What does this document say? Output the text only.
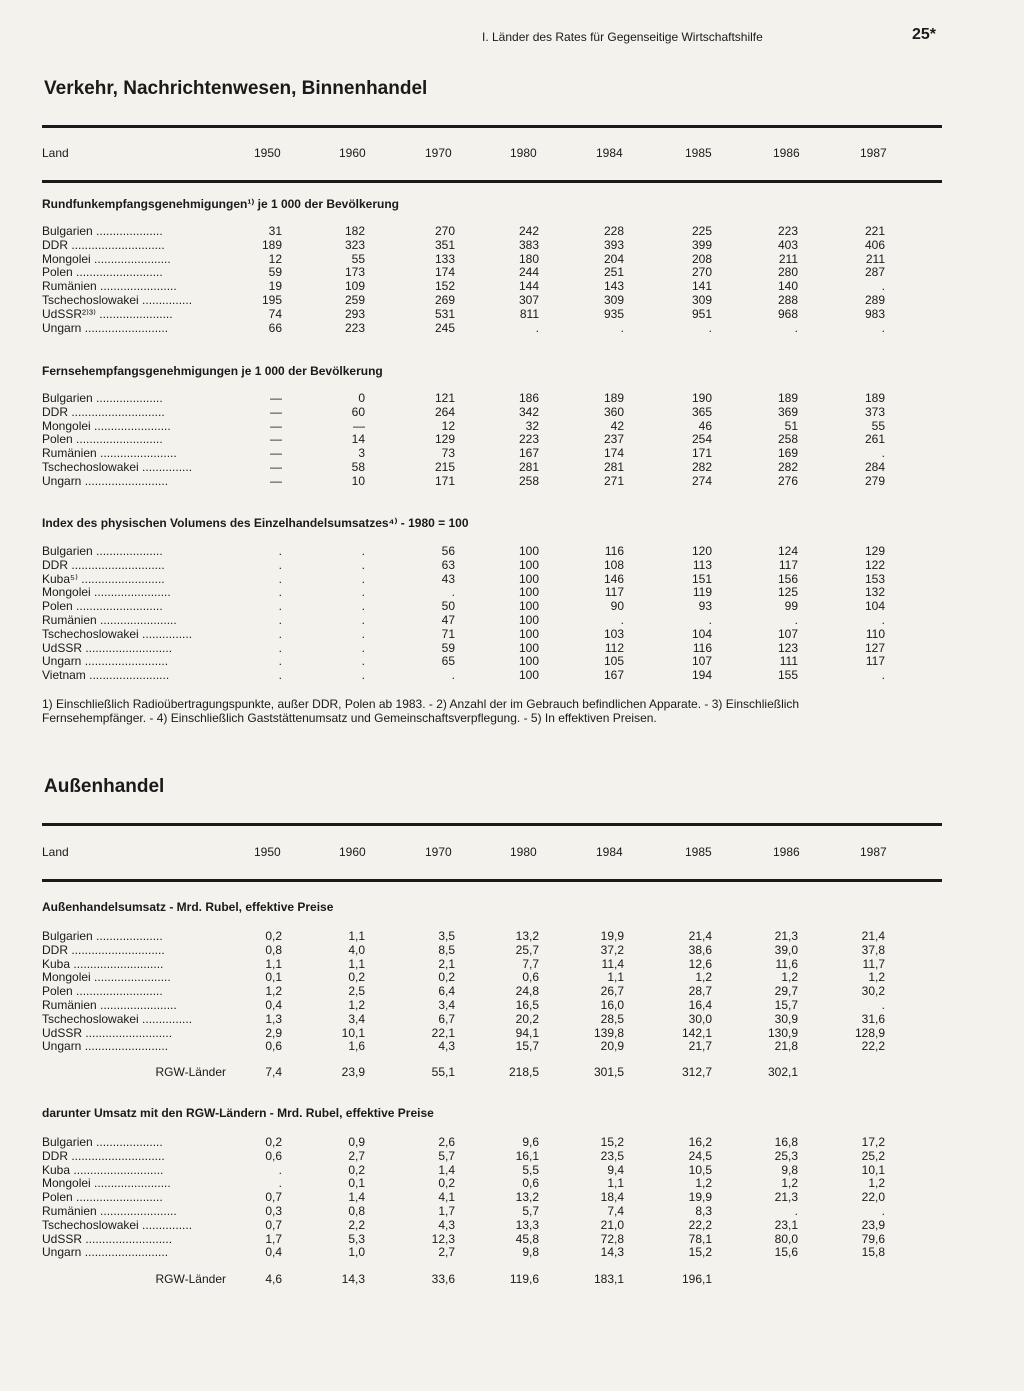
I. Länder des Rates für Gegenseitige Wirtschaftshilfe	25*
Verkehr, Nachrichtenwesen, Binnenhandel
Land	1950	1960	1970	1980	1984	1985	1986	1987
Rundfunkempfangsgenehmigungen¹⁾ je 1 000 der Bevölkerung
Bulgarien ....................	31	182	270	242	228	225	223	221
DDR ............................	189	323	351	383	393	399	403	406
Mongolei .......................	12	55	133	180	204	208	211	211
Polen ..........................	59	173	174	244	251	270	280	287
Rumänien .......................	19	109	152	144	143	141	140	.
Tschechoslowakei ...............	195	259	269	307	309	309	288	289
UdSSR²⁾³⁾ ......................	74	293	531	811	935	951	968	983
Ungarn .........................	66	223	245	.	.	.	.	.
Fernsehempfangsgenehmigungen je 1 000 der Bevölkerung
Bulgarien ....................	—	0	121	186	189	190	189	189
DDR ............................	—	60	264	342	360	365	369	373
Mongolei .......................	—	—	12	32	42	46	51	55
Polen ..........................	—	14	129	223	237	254	258	261
Rumänien .......................	—	3	73	167	174	171	169	.
Tschechoslowakei ...............	—	58	215	281	281	282	282	284
Ungarn .........................	—	10	171	258	271	274	276	279
Index des physischen Volumens des Einzelhandelsumsatzes⁴⁾ - 1980 = 100
Bulgarien ....................	.	.	56	100	116	120	124	129
DDR ............................	.	.	63	100	108	113	117	122
Kuba⁵⁾ .........................	.	.	43	100	146	151	156	153
Mongolei .......................	.	.	.	100	117	119	125	132
Polen ..........................	.	.	50	100	90	93	99	104
Rumänien .......................	.	.	47	100	.	.	.	.
Tschechoslowakei ...............	.	.	71	100	103	104	107	110
UdSSR ..........................	.	.	59	100	112	116	123	127
Ungarn .........................	.	.	65	100	105	107	111	117
Vietnam ........................	.	.	.	100	167	194	155	.
1) Einschließlich Radioübertragungspunkte, außer DDR, Polen ab 1983. - 2) Anzahl der im Gebrauch befindlichen Apparate. - 3) Einschließlich
Fernsehempfänger. - 4) Einschließlich Gaststättenumsatz und Gemeinschaftsverpflegung. - 5) In effektiven Preisen.
Außenhandel
Land	1950	1960	1970	1980	1984	1985	1986	1987
Außenhandelsumsatz - Mrd. Rubel, effektive Preise
Bulgarien ....................	0,2	1,1	3,5	13,2	19,9	21,4	21,3	21,4
DDR ............................	0,8	4,0	8,5	25,7	37,2	38,6	39,0	37,8
Kuba ...........................	1,1	1,1	2,1	7,7	11,4	12,6	11,6	11,7
Mongolei .......................	0,1	0,2	0,2	0,6	1,1	1,2	1,2	1,2
Polen ..........................	1,2	2,5	6,4	24,8	26,7	28,7	29,7	30,2
Rumänien .......................	0,4	1,2	3,4	16,5	16,0	16,4	15,7	.
Tschechoslowakei ...............	1,3	3,4	6,7	20,2	28,5	30,0	30,9	31,6
UdSSR ..........................	2,9	10,1	22,1	94,1	139,8	142,1	130,9	128,9
Ungarn .........................	0,6	1,6	4,3	15,7	20,9	21,7	21,8	22,2
RGW-Länder	7,4	23,9	55,1	218,5	301,5	312,7	302,1
darunter Umsatz mit den RGW-Ländern - Mrd. Rubel, effektive Preise
Bulgarien ....................	0,2	0,9	2,6	9,6	15,2	16,2	16,8	17,2
DDR ............................	0,6	2,7	5,7	16,1	23,5	24,5	25,3	25,2
Kuba ...........................	.	0,2	1,4	5,5	9,4	10,5	9,8	10,1
Mongolei .......................	.	0,1	0,2	0,6	1,1	1,2	1,2	1,2
Polen ..........................	0,7	1,4	4,1	13,2	18,4	19,9	21,3	22,0
Rumänien .......................	0,3	0,8	1,7	5,7	7,4	8,3	.	.
Tschechoslowakei ...............	0,7	2,2	4,3	13,3	21,0	22,2	23,1	23,9
UdSSR ..........................	1,7	5,3	12,3	45,8	72,8	78,1	80,0	79,6
Ungarn .........................	0,4	1,0	2,7	9,8	14,3	15,2	15,6	15,8
RGW-Länder	4,6	14,3	33,6	119,6	183,1	196,1
